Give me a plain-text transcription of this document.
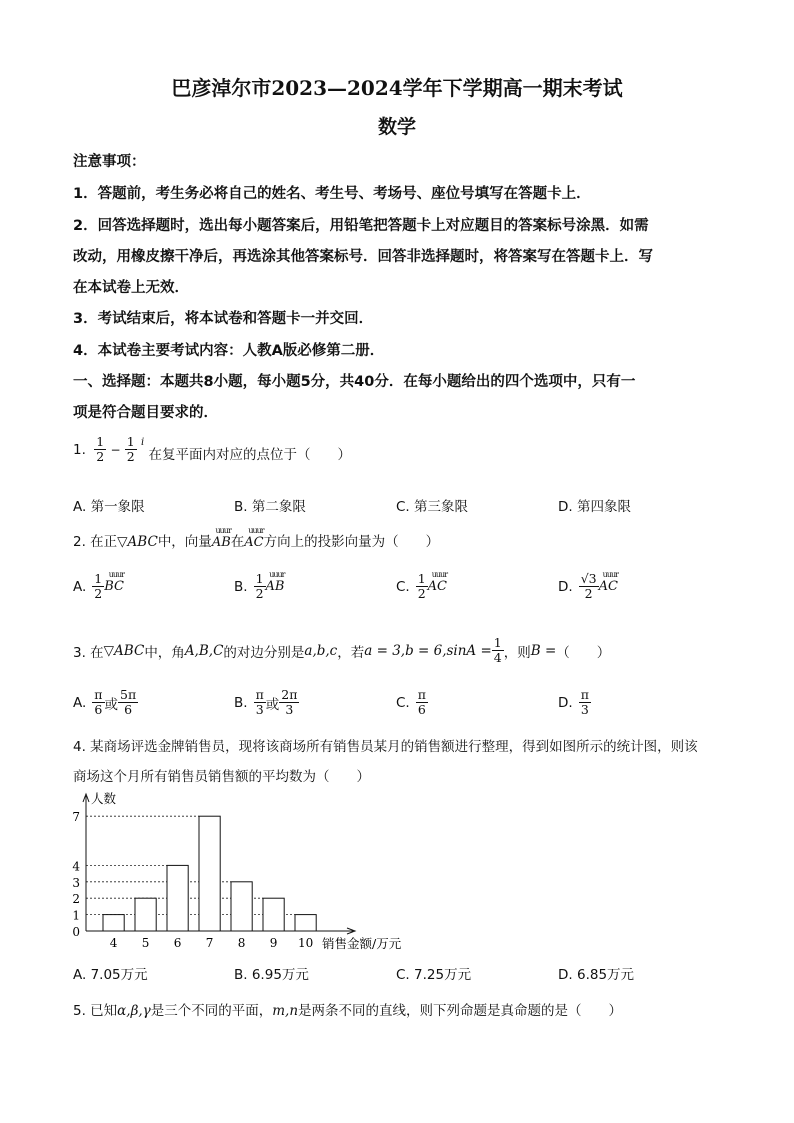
巴彦淖尔市2023—2024学年下学期高一期末考试
数学
注意事项：
1．答题前，考生务必将自己的姓名、考生号、考场号、座位号填写在答题卡上．
2．回答选择题时，选出每小题答案后，用铅笔把答题卡上对应题目的答案标号涂黑．如需
改动，用橡皮擦干净后，再选涂其他答案标号．回答非选择题时，将答案写在答题卡上．写
在本试卷上无效．
3．考试结束后，将本试卷和答题卡一并交回．
4．本试卷主要考试内容：人教A版必修第二册．
一、选择题：本题共8小题，每小题5分，共40分．在每小题给出的四个选项中，只有一
项是符合题目要求的．
1. $\frac{1}{2} - \frac{1}{2}$ i 在复平面内对应的点位于（　　）
A. 第一象限	B. 第二象限	C. 第三象限	D. 第四象限
2. 在正▽ABC中，向量
uuur
AB在
uuur
AC方向上的投影向量为（　　）
A. $\frac{1}{2}$ uuur
BC	B. $\frac{1}{2}$ uuur
AB	C. $\frac{1}{2}$ uuur
AC	D. $\frac{√3}{2}$ uuur
AC
3. 在▽ABC中，角A,B,C的对边分别是a,b,c，若$a = 3,b = 6,\sin A = \frac{1}{4}$ ，则B =（　　）
A. $\frac{\pi}{6}$ 或 $\frac{5\pi}{6}$	B. $\frac{\pi}{3}$ 或 $\frac{2\pi}{3}$	C. $\frac{\pi}{6}$	D. $\frac{\pi}{3}$
4. 某商场评选金牌销售员，现将该商场所有销售员某月的销售额进行整理，得到如图所示的统计图，则该
商场这个月所有销售员销售额的平均数为（　　）
4 5 6 7 8 9 10
0
1
2
3
4
7
人数
销售金额/万元
A. 7.05万元	B. 6.95万元	C. 7.25万元	D. 6.85万元
5. 已知α,β,γ是三个不同的平面，m,n是两条不同的直线，则下列命题是真命题的是（　　）
